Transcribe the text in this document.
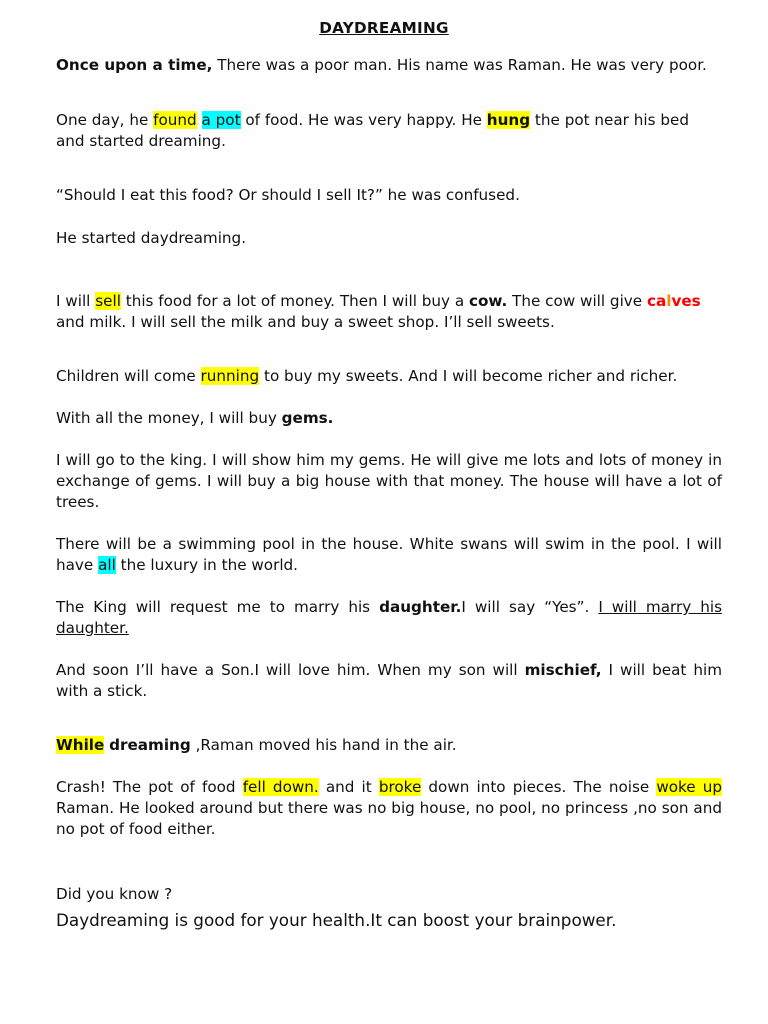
DAYDREAMING

Once upon a time, There was a poor man. His name was Raman. He was very poor.

One day, he found a pot of food. He was very happy. He hung the pot near his bed and started dreaming.

“Should I eat this food? Or should I sell It?” he was confused.

He started daydreaming.

I will sell this food for a lot of money. Then I will buy a cow. The cow will give calves and milk. I will sell the milk and buy a sweet shop. I’ll sell sweets.

Children will come running to buy my sweets. And I will become richer and richer.

With all the money, I will buy gems.

I will go to the king. I will show him my gems. He will give me lots and lots of money in exchange of gems. I will buy a big house with that money. The house will have a lot of trees.

There will be a swimming pool in the house. White swans will swim in the pool. I will have all the luxury in the world.

The King will request me to marry his daughter.I will say “Yes”. I will marry his daughter.

And soon I’ll have a Son.I will love him. When my son will mischief, I will beat him with a stick.

While dreaming ,Raman moved his hand in the air.

Crash! The pot of food fell down. and it broke down into pieces. The noise woke up Raman. He looked around but there was no big house, no pool, no princess ,no son and no pot of food either.

Did you know ?

Daydreaming is good for your health.It can boost your brainpower.
